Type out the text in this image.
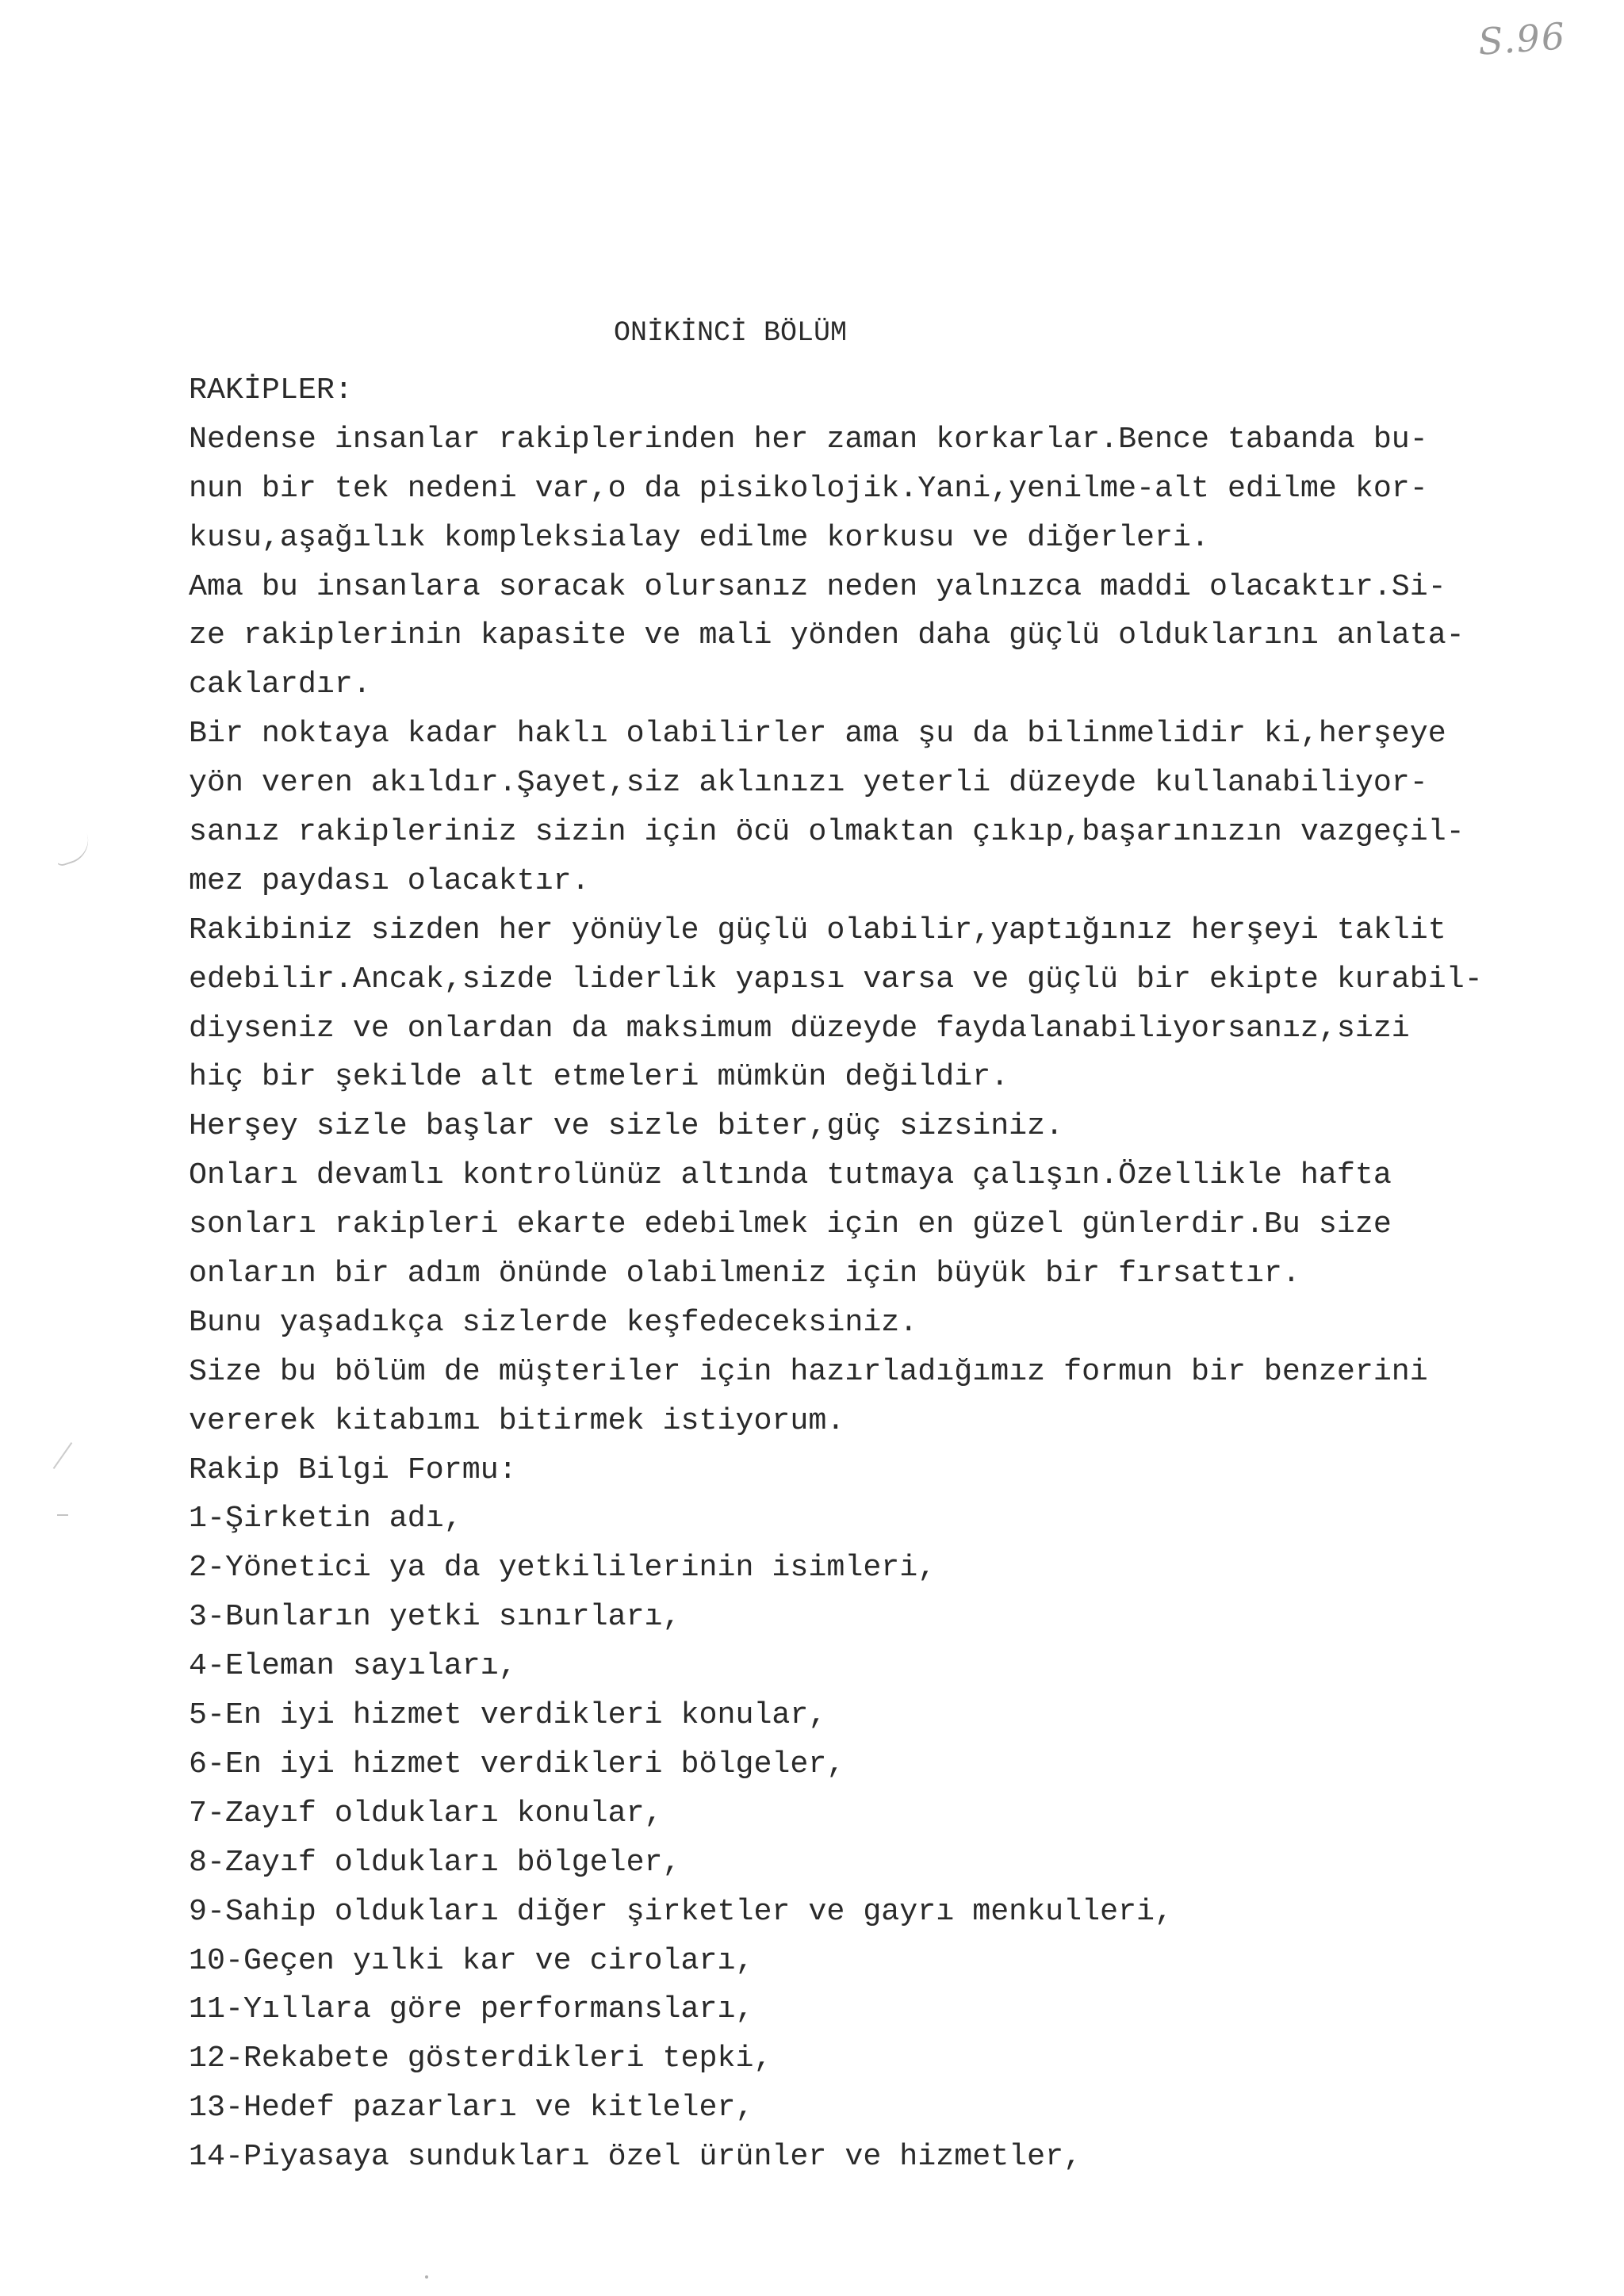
S.96
ONİKİNCİ BÖLÜM
RAKİPLER:
Nedense insanlar rakiplerinden her zaman korkarlar.Bence tabanda bu-
nun bir tek nedeni var,o da pisikolojik.Yani,yenilme-alt edilme kor-
kusu,aşağılık kompleksialay edilme korkusu ve diğerleri.
Ama bu insanlara soracak olursanız neden yalnızca maddi olacaktır.Si-
ze rakiplerinin kapasite ve mali yönden daha güçlü olduklarını anlata-
caklardır.
Bir noktaya kadar haklı olabilirler ama şu da bilinmelidir ki,herşeye
yön veren akıldır.Şayet,siz aklınızı yeterli düzeyde kullanabiliyor-
sanız rakipleriniz sizin için öcü olmaktan çıkıp,başarınızın vazgeçil-
mez paydası olacaktır.
Rakibiniz sizden her yönüyle güçlü olabilir,yaptığınız herşeyi taklit
edebilir.Ancak,sizde liderlik yapısı varsa ve güçlü bir ekipte kurabil-
diyseniz ve onlardan da maksimum düzeyde faydalanabiliyorsanız,sizi
hiç bir şekilde alt etmeleri mümkün değildir.
Herşey sizle başlar ve sizle biter,güç sizsiniz.
Onları devamlı kontrolünüz altında tutmaya çalışın.Özellikle hafta
sonları rakipleri ekarte edebilmek için en güzel günlerdir.Bu size
onların bir adım önünde olabilmeniz için büyük bir fırsattır.
Bunu yaşadıkça sizlerde keşfedeceksiniz.
Size bu bölüm de müşteriler için hazırladığımız formun bir benzerini
vererek kitabımı bitirmek istiyorum.
Rakip Bilgi Formu:
1-Şirketin adı,
2-Yönetici ya da yetkililerinin isimleri,
3-Bunların yetki sınırları,
4-Eleman sayıları,
5-En iyi hizmet verdikleri konular,
6-En iyi hizmet verdikleri bölgeler,
7-Zayıf oldukları konular,
8-Zayıf oldukları bölgeler,
9-Sahip oldukları diğer şirketler ve gayrı menkulleri,
10-Geçen yılki kar ve ciroları,
11-Yıllara göre performansları,
12-Rekabete gösterdikleri tepki,
13-Hedef pazarları ve kitleler,
14-Piyasaya sundukları özel ürünler ve hizmetler,
